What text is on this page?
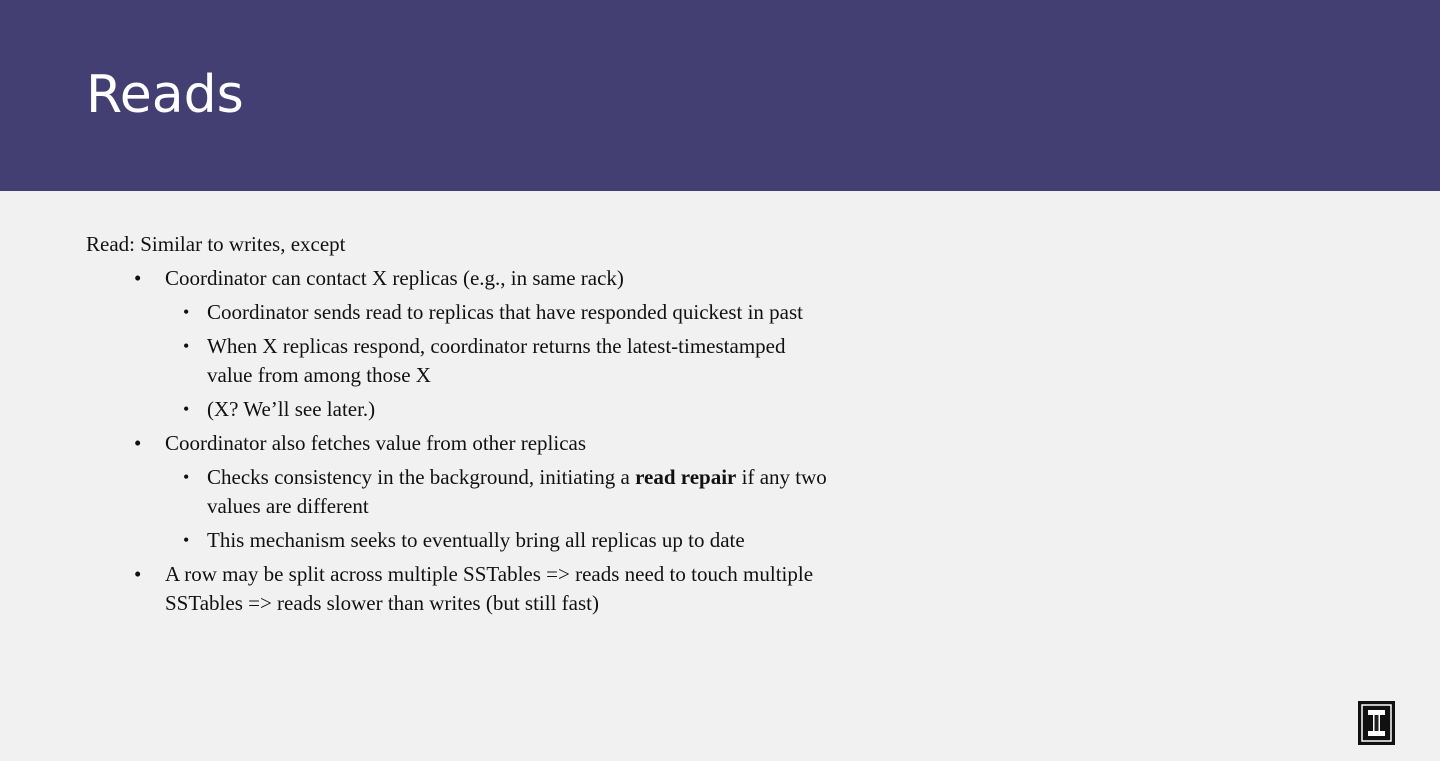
Reads

Read: Similar to writes, except

• Coordinator can contact X replicas (e.g., in same rack)
• Coordinator sends read to replicas that have responded quickest in past
• When X replicas respond, coordinator returns the latest-timestamped value from among those X
• (X? We’ll see later.)
• Coordinator also fetches value from other replicas
• Checks consistency in the background, initiating a read repair if any two values are different
• This mechanism seeks to eventually bring all replicas up to date
• A row may be split across multiple SSTables => reads need to touch multiple SSTables => reads slower than writes (but still fast)
